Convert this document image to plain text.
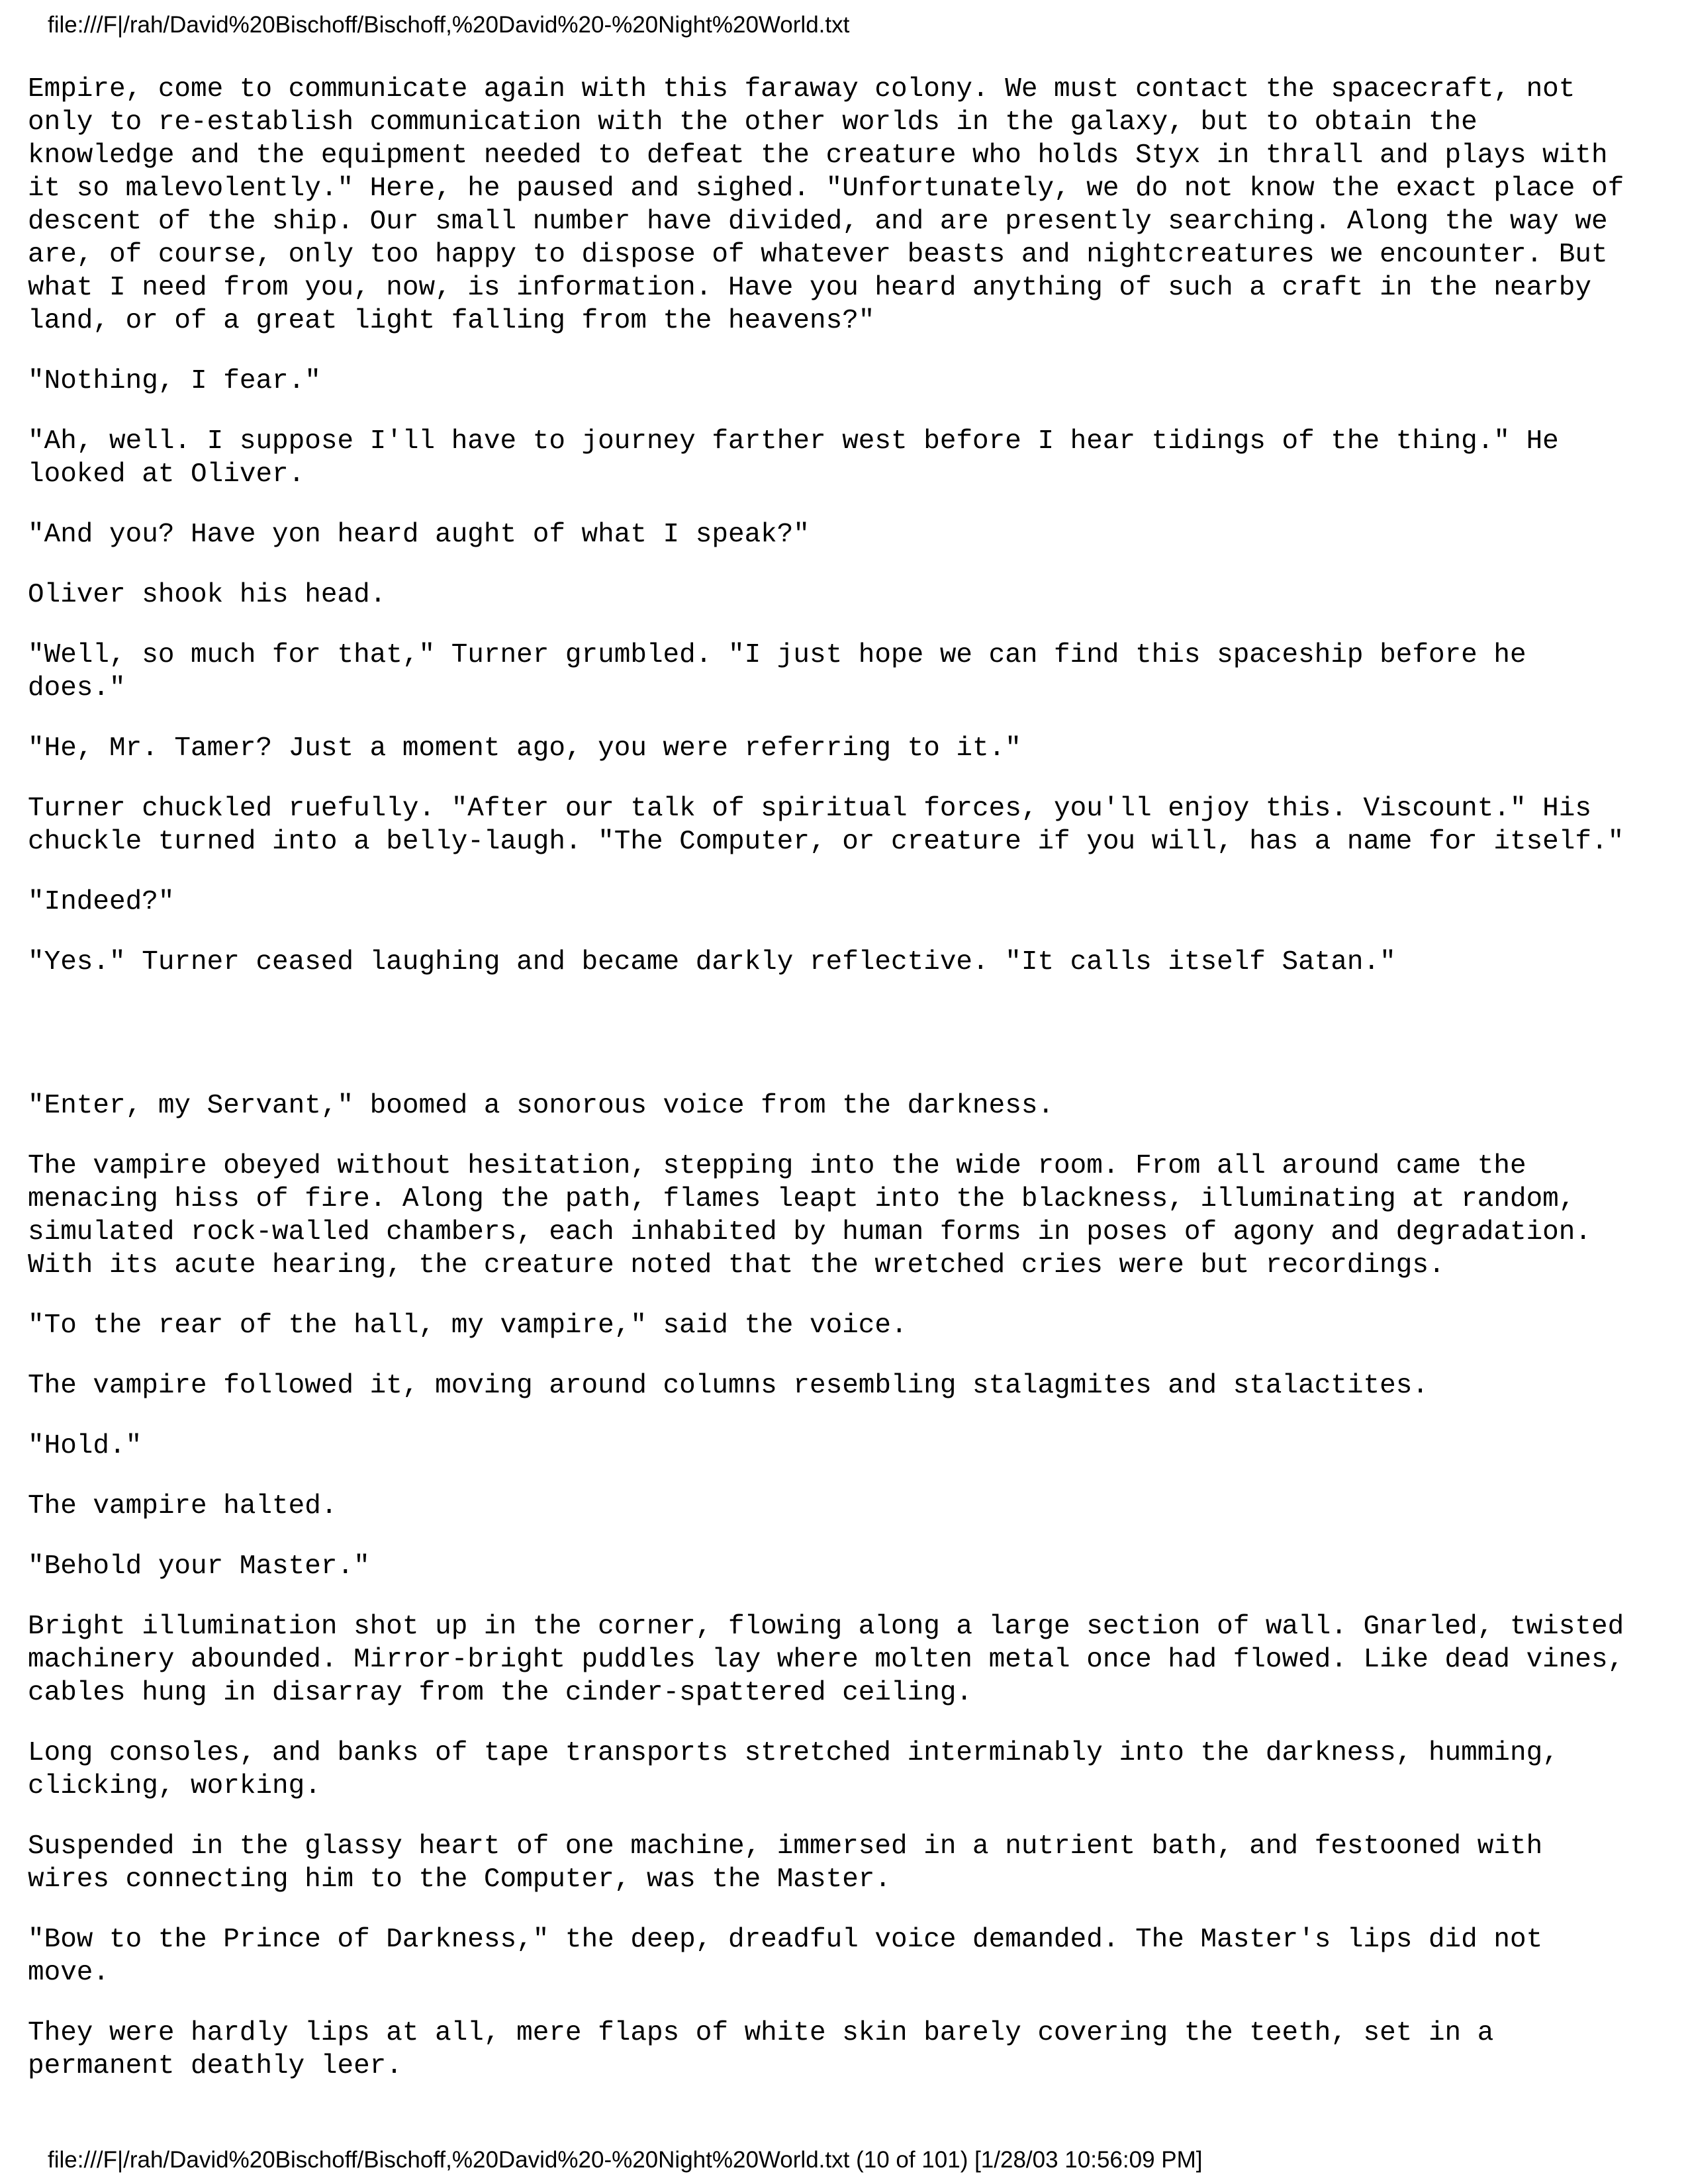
file:///F|/rah/David%20Bischoff/Bischoff,%20David%20-%20Night%20World.txt

Empire, come to communicate again with this faraway colony. We must contact the spacecraft, not
only to re-establish communication with the other worlds in the galaxy, but to obtain the
knowledge and the equipment needed to defeat the creature who holds Styx in thrall and plays with
it so malevolently." Here, he paused and sighed. "Unfortunately, we do not know the exact place of
descent of the ship. Our small number have divided, and are presently searching. Along the way we
are, of course, only too happy to dispose of whatever beasts and nightcreatures we encounter. But
what I need from you, now, is information. Have you heard anything of such a craft in the nearby
land, or of a great light falling from the heavens?"

"Nothing, I fear."

"Ah, well. I suppose I'll have to journey farther west before I hear tidings of the thing." He
looked at Oliver.

"And you? Have yon heard aught of what I speak?"

Oliver shook his head.

"Well, so much for that," Turner grumbled. "I just hope we can find this spaceship before he
does."

"He, Mr. Tamer? Just a moment ago, you were referring to it."

Turner chuckled ruefully. "After our talk of spiritual forces, you'll enjoy this. Viscount." His
chuckle turned into a belly-laugh. "The Computer, or creature if you will, has a name for itself."

"Indeed?"

"Yes." Turner ceased laughing and became darkly reflective. "It calls itself Satan."

"Enter, my Servant," boomed a sonorous voice from the darkness.

The vampire obeyed without hesitation, stepping into the wide room. From all around came the
menacing hiss of fire. Along the path, flames leapt into the blackness, illuminating at random,
simulated rock-walled chambers, each inhabited by human forms in poses of agony and degradation.
With its acute hearing, the creature noted that the wretched cries were but recordings.

"To the rear of the hall, my vampire," said the voice.

The vampire followed it, moving around columns resembling stalagmites and stalactites.

"Hold."

The vampire halted.

"Behold your Master."

Bright illumination shot up in the corner, flowing along a large section of wall. Gnarled, twisted
machinery abounded. Mirror-bright puddles lay where molten metal once had flowed. Like dead vines,
cables hung in disarray from the cinder-spattered ceiling.

Long consoles, and banks of tape transports stretched interminably into the darkness, humming,
clicking, working.

Suspended in the glassy heart of one machine, immersed in a nutrient bath, and festooned with
wires connecting him to the Computer, was the Master.

"Bow to the Prince of Darkness," the deep, dreadful voice demanded. The Master's lips did not
move.

They were hardly lips at all, mere flaps of white skin barely covering the teeth, set in a
permanent deathly leer.

file:///F|/rah/David%20Bischoff/Bischoff,%20David%20-%20Night%20World.txt (10 of 101) [1/28/03 10:56:09 PM]
